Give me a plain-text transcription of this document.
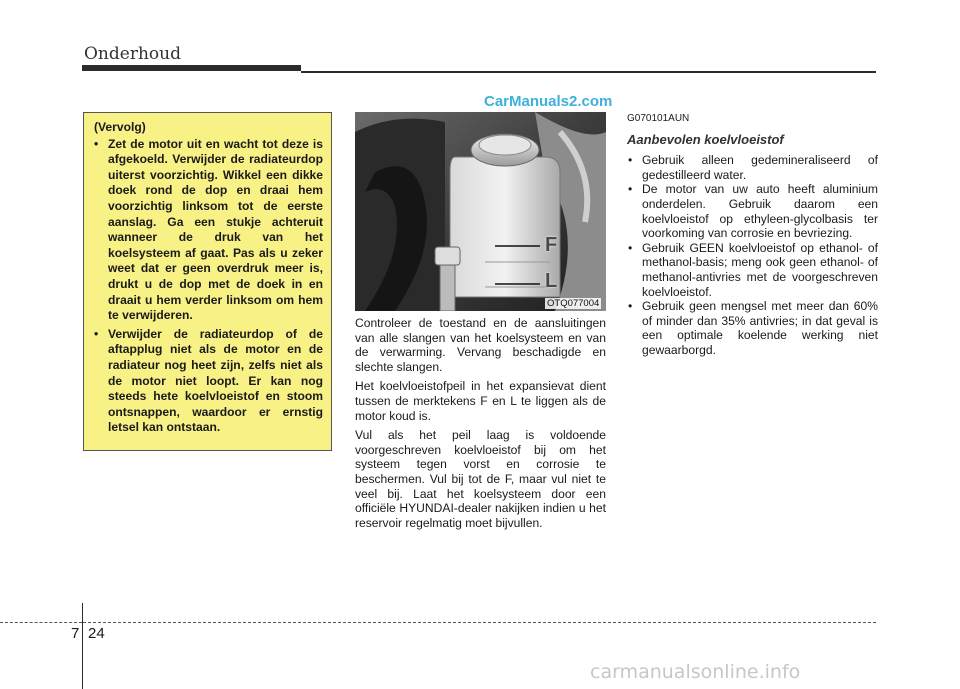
Onderhoud
CarManuals2.com
(Vervolg)
• Zet de motor uit en wacht tot deze is afgekoeld. Verwijder de radiateurdop uiterst voorzichtig. Wikkel een dikke doek rond de dop en draai hem voorzichtig linksom tot de eerste aanslag. Ga een stukje achteruit wanneer de druk van het koelsysteem af gaat. Pas als u zeker weet dat er geen overdruk meer is, drukt u de dop met de doek in en draait u hem verder linksom om hem te verwijderen.
• Verwijder de radiateurdop of de aftapplug niet als de motor en de radiateur nog heet zijn, zelfs niet als de motor niet loopt. Er kan nog steeds hete koelvloeistof en stoom ontsnappen, waardoor er ernstig letsel kan ontstaan.
F
L
OTQ077004

Controleer de toestand en de aansluitingen van alle slangen van het koelsysteem en van de verwarming. Vervang beschadigde en slechte slangen.

Het koelvloeistofpeil in het expansievat dient tussen de merktekens F en L te liggen als de motor koud is.

Vul als het peil laag is voldoende voorgeschreven koelvloeistof bij om het systeem tegen vorst en corrosie te beschermen. Vul bij tot de F, maar vul niet te veel bij. Laat het koelsysteem door een officiële HYUNDAI-dealer nakijken indien u het reservoir regelmatig moet bijvullen.

G070101AUN
Aanbevolen koelvloeistof
• Gebruik alleen gedemineraliseerd of gedestilleerd water.
• De motor van uw auto heeft aluminium onderdelen. Gebruik daarom een koelvloeistof op ethyleen-glycolbasis ter voorkoming van corrosie en bevriezing.
• Gebruik GEEN koelvloeistof op ethanol- of methanol-basis; meng ook geen ethanol- of methanol-antivries met de voorgeschreven koelvloeistof.
• Gebruik geen mengsel met meer dan 60% of minder dan 35% antivries; in dat geval is een optimale koelende werking niet gewaarborgd.
7 24
carmanualsonline.info
